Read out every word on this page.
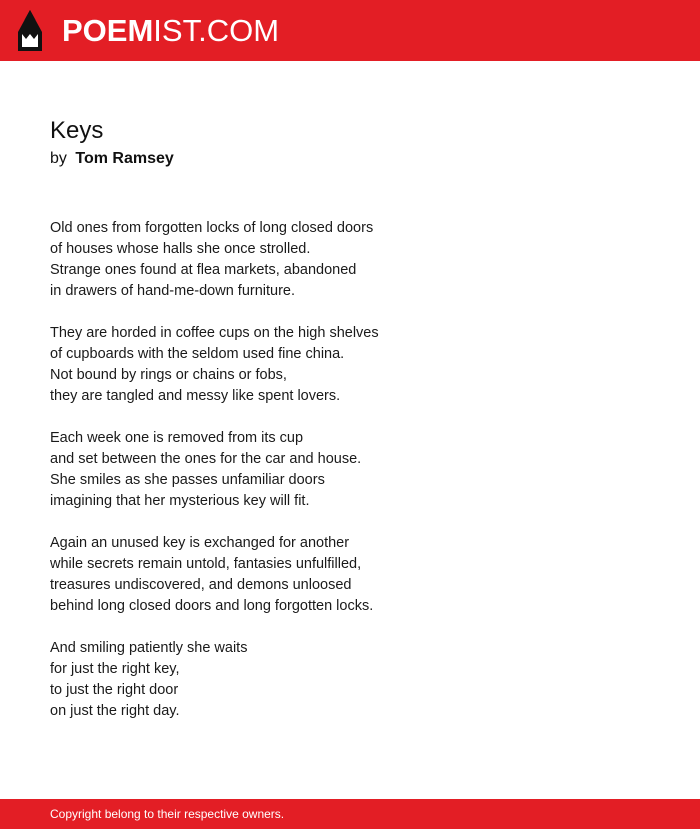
POEMIST.COM
Keys
by Tom Ramsey
Old ones from forgotten locks of long closed doors
of houses whose halls she once strolled.
Strange ones found at flea markets, abandoned
in drawers of hand-me-down furniture.
They are horded in coffee cups on the high shelves
of cupboards with the seldom used fine china.
Not bound by rings or chains or fobs,
they are tangled and messy like spent lovers.
Each week one is removed from its cup
and set between the ones for the car and house.
She smiles as she passes unfamiliar doors
imagining that her mysterious key will fit.
Again an unused key is exchanged for another
while secrets remain untold, fantasies unfulfilled,
treasures undiscovered, and demons unloosed
behind long closed doors and long forgotten locks.
And smiling patiently she waits
for just the right key,
to just the right door
on just the right day.
Copyright belong to their respective owners.
